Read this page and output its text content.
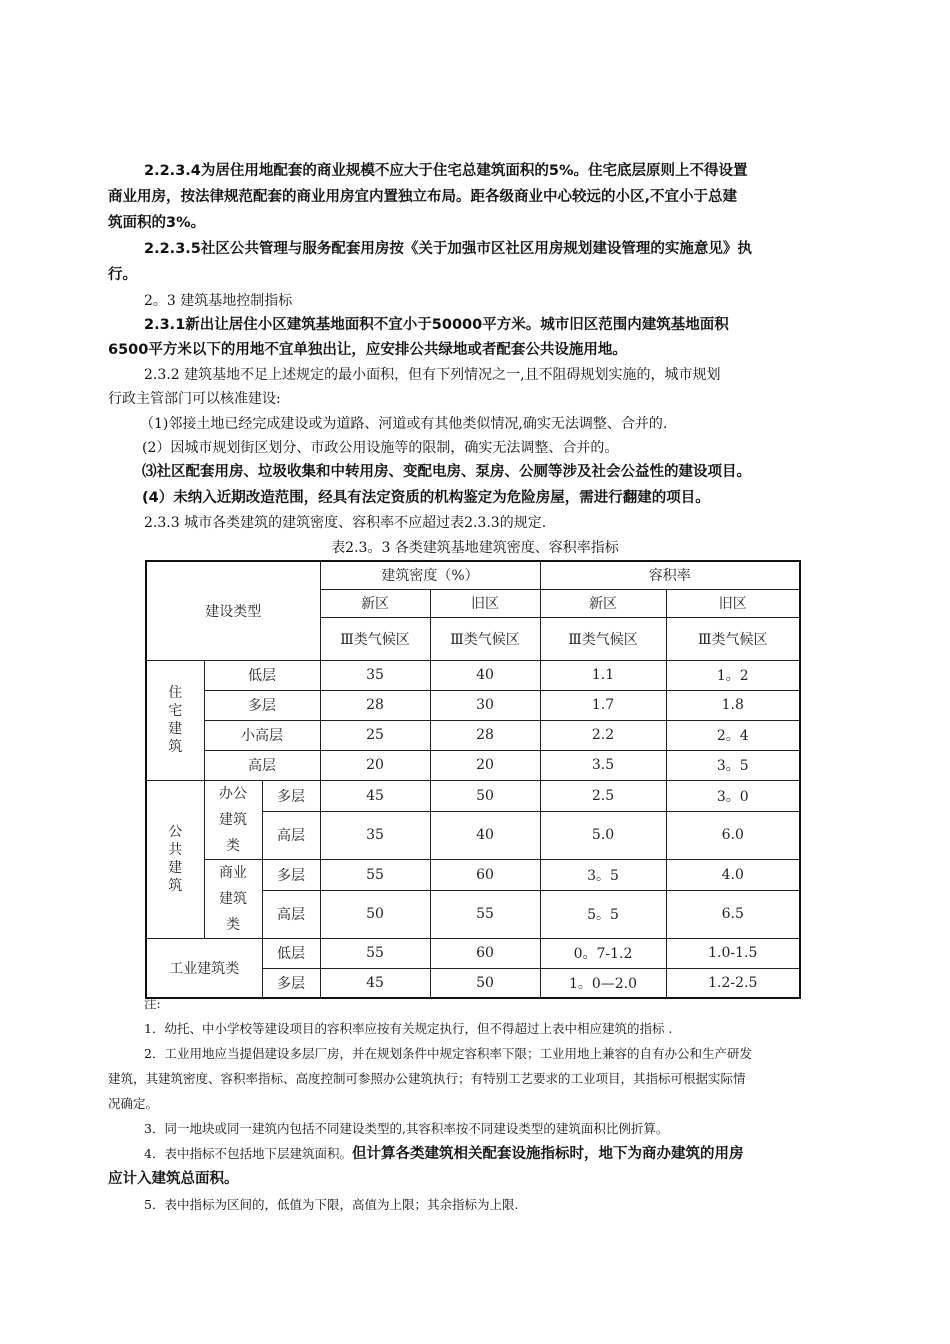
2.2.3.4为居住用地配套的商业规模不应大于住宅总建筑面积的5%。住宅底层原则上不得设置
商业用房，按法律规范配套的商业用房宜内置独立布局。距各级商业中心较远的小区,不宜小于总建
筑面积的3%。
2.2.3.5社区公共管理与服务配套用房按《关于加强市区社区用房规划建设管理的实施意见》执
行。
2。3 建筑基地控制指标
2.3.1新出让居住小区建筑基地面积不宜小于50000平方米。城市旧区范围内建筑基地面积
6500平方米以下的用地不宜单独出让，应安排公共绿地或者配套公共设施用地。
2.3.2 建筑基地不足上述规定的最小面积，但有下列情况之一,且不阻碍规划实施的，城市规划
行政主管部门可以核准建设:
（1)邻接土地已经完成建设或为道路、河道或有其他类似情况,确实无法调整、合并的.
(2）因城市规划街区划分、市政公用设施等的限制，确实无法调整、合并的。
⑶社区配套用房、垃圾收集和中转用房、变配电房、泵房、公厕等涉及社会公益性的建设项目。
(4）未纳入近期改造范围，经具有法定资质的机构鉴定为危险房屋，需进行翻建的项目。
2.3.3 城市各类建筑的建筑密度、容积率不应超过表2.3.3的规定.
表2.3。3 各类建筑基地建筑密度、容积率指标
建设类型			建筑密度（%）		容积率	
			新区	旧区	新区	旧区
			Ⅲ类气候区	Ⅲ类气候区	Ⅲ类气候区	Ⅲ类气候区

住
宅
建
筑	低层		35	40	1.1	1。2
	多层		28	30	1.7	1.8
	小高层		25	28	2.2	2。4
	高层		20	20	3.5	3。5

公
共
建
筑	办公
建筑
类	多层	45	50	2.5	3。0
		高层	35	40	5.0	6.0

	商业
建筑
类	多层	55	60	3。5	4.0
		高层	50	55	5。5	6.5
工业建筑类		低层	55	60	0。7-1.2	1.0-1.5
		多层	45	50	1。0—2.0	1.2-2.5
注:
1．幼托、中小学校等建设项目的容积率应按有关规定执行，但不得超过上表中相应建筑的指标 .
2．工业用地应当提倡建设多层厂房，并在规划条件中规定容积率下限；工业用地上兼容的自有办公和生产研发
建筑，其建筑密度、容积率指标、高度控制可参照办公建筑执行；有特别工艺要求的工业项目，其指标可根据实际情
况确定。
3．同一地块或同一建筑内包括不同建设类型的,其容积率按不同建设类型的建筑面积比例折算。
4．表中指标不包括地下层建筑面积。但计算各类建筑相关配套设施指标时，地下为商办建筑的用房
应计入建筑总面积。
5．表中指标为区间的，低值为下限，高值为上限；其余指标为上限.
